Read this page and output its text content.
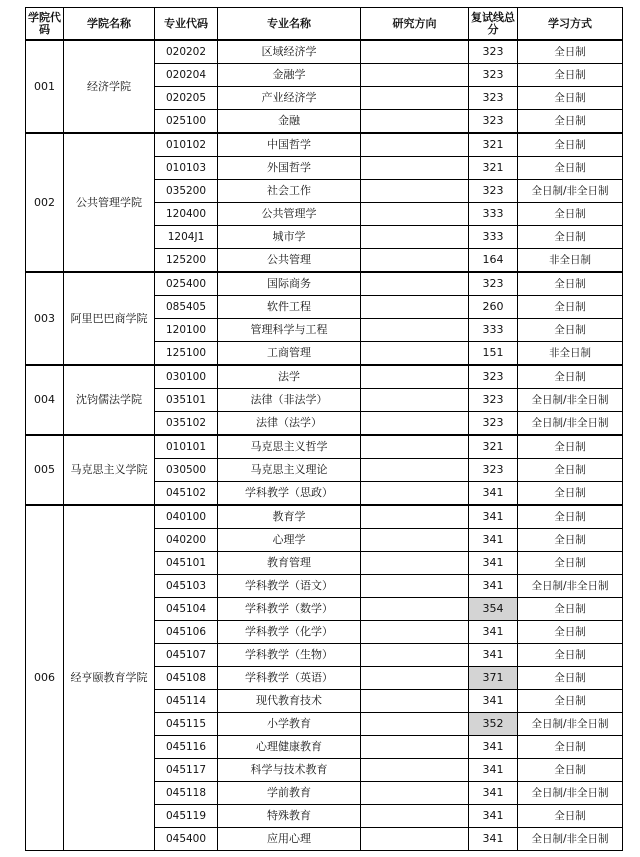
学院代码	学院名称	专业代码	专业名称	研究方向	复试线总分	学习方式
001	经济学院	020202	区域经济学		323	全日制
		020204	金融学		323	全日制
		020205	产业经济学		323	全日制
		025100	金融		323	全日制
002	公共管理学院	010102	中国哲学		321	全日制
		010103	外国哲学		321	全日制
		035200	社会工作		323	全日制/非全日制
		120400	公共管理学		333	全日制
		1204J1	城市学		333	全日制
		125200	公共管理		164	非全日制
003	阿里巴巴商学院	025400	国际商务		323	全日制
		085405	软件工程		260	全日制
		120100	管理科学与工程		333	全日制
		125100	工商管理		151	非全日制
004	沈钧儒法学院	030100	法学		323	全日制
		035101	法律（非法学）		323	全日制/非全日制
		035102	法律（法学）		323	全日制/非全日制
005	马克思主义学院	010101	马克思主义哲学		321	全日制
		030500	马克思主义理论		323	全日制
		045102	学科教学（思政）		341	全日制
006	经亨颐教育学院	040100	教育学		341	全日制
		040200	心理学		341	全日制
		045101	教育管理		341	全日制
		045103	学科教学（语文）		341	全日制/非全日制
		045104	学科教学（数学）		354	全日制
		045106	学科教学（化学）		341	全日制
		045107	学科教学（生物）		341	全日制
		045108	学科教学（英语）		371	全日制
		045114	现代教育技术		341	全日制
		045115	小学教育		352	全日制/非全日制
		045116	心理健康教育		341	全日制
		045117	科学与技术教育		341	全日制
		045118	学前教育		341	全日制/非全日制
		045119	特殊教育		341	全日制
		045400	应用心理		341	全日制/非全日制
